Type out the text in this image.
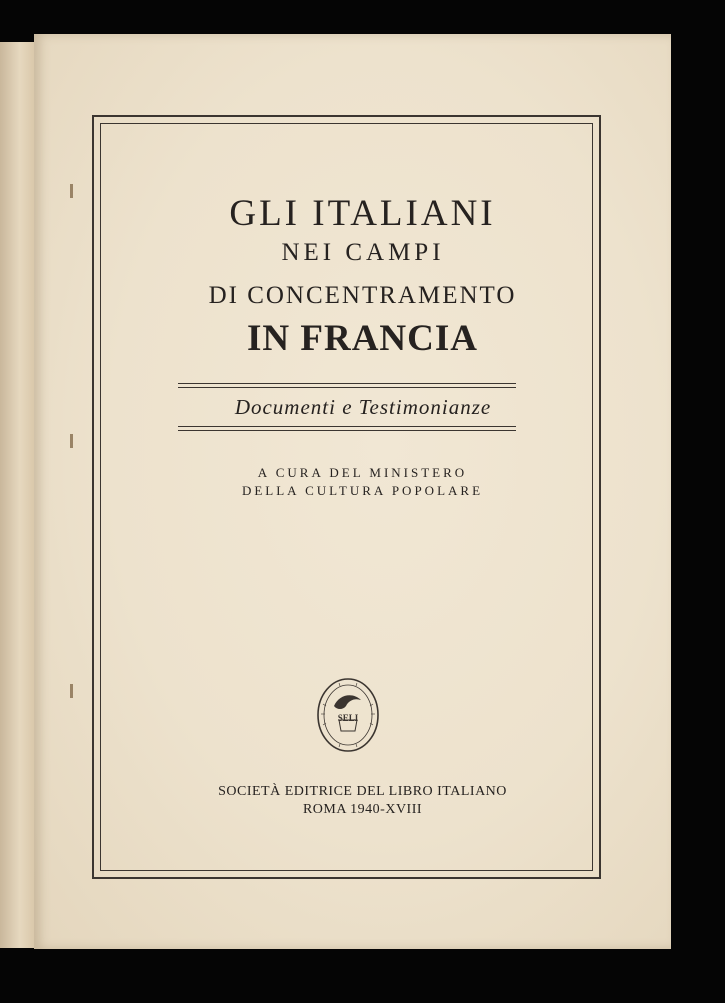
GLI ITALIANI
NEI CAMPI
DI CONCENTRAMENTO
IN FRANCIA
Documenti e Testimonianze
A CURA DEL MINISTERO
DELLA CULTURA POPOLARE
SELI
SOCIETÀ EDITRICE DEL LIBRO ITALIANO
ROMA 1940-XVIII
